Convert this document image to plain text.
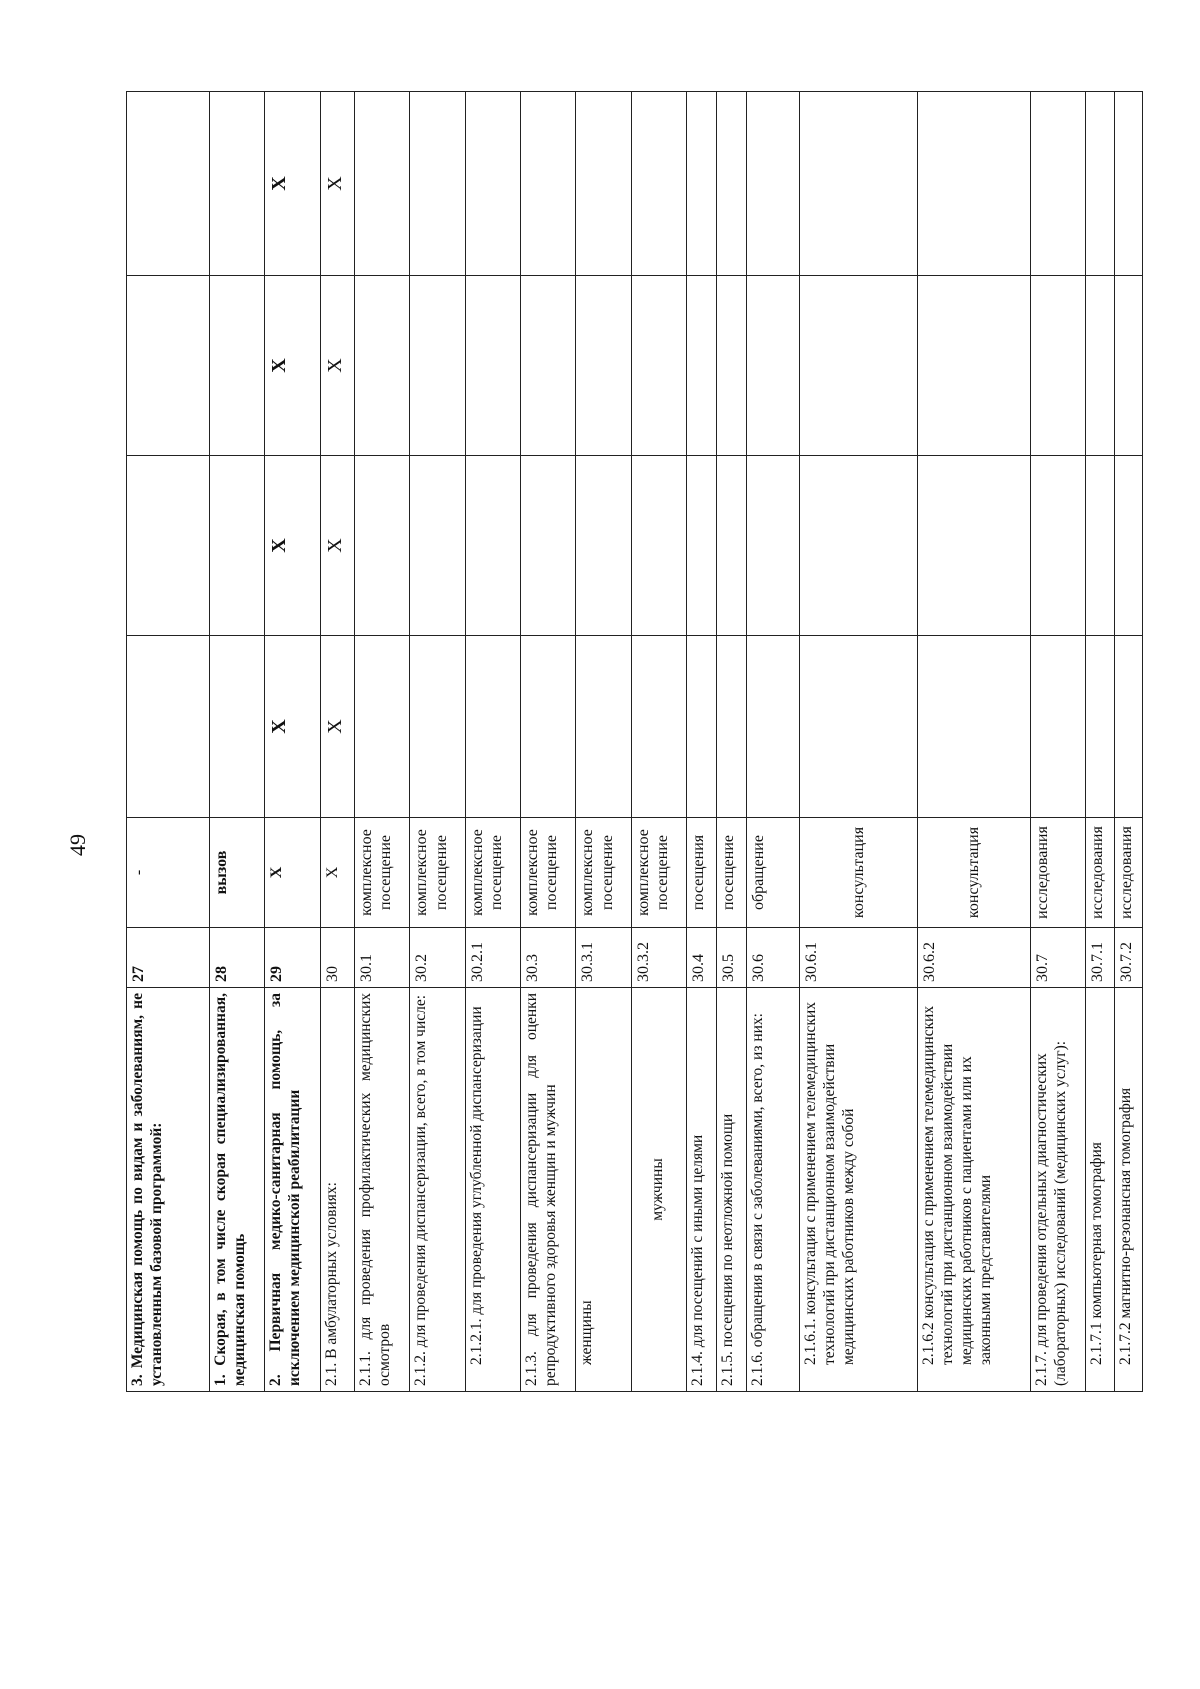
49
3. Медицинская помощь по видам и заболеваниям, не установленным базовой программой:	27	-				
1. Скорая, в том числе скорая специализированная, медицинская помощь	28	вызов				
2. Первичная медико-санитарная помощь, за исключением медицинской реабилитации	29	Х	Х	Х	Х	Х
2.1. В амбулаторных условиях:	30	Х	Х	Х	Х	Х
2.1.1. для проведения профилактических медицинских осмотров	30.1	комплексное посещение				
2.1.2. для проведения диспансеризации, всего, в том числе:	30.2	комплексное посещение				
2.1.2.1. для проведения углубленной диспансеризации	30.2.1	комплексное посещение				
2.1.3. для проведения диспансеризации для оценки репродуктивного здоровья женщин и мужчин	30.3	комплексное посещение				
женщины	30.3.1	комплексное посещение				
мужчины	30.3.2	комплексное посещение				
2.1.4. для посещений с иными целями	30.4	посещения				
2.1.5. посещения по неотложной помощи	30.5	посещение				
2.1.6. обращения в связи с заболеваниями, всего, из них:	30.6	обращение				
2.1.6.1. консультация с применением телемедицинских технологий при дистанционном взаимодействии медицинских работников между собой	30.6.1	консультация				
2.1.6.2 консультация с применением телемедицинских технологий при дистанционном взаимодействии медицинских работников с пациентами или их законными представителями	30.6.2	консультация				
2.1.7. для проведения отдельных диагностических (лабораторных) исследований (медицинских услуг):	30.7	исследования				
2.1.7.1 компьютерная томография	30.7.1	исследования				
2.1.7.2 магнитно-резонансная томография	30.7.2	исследования				
